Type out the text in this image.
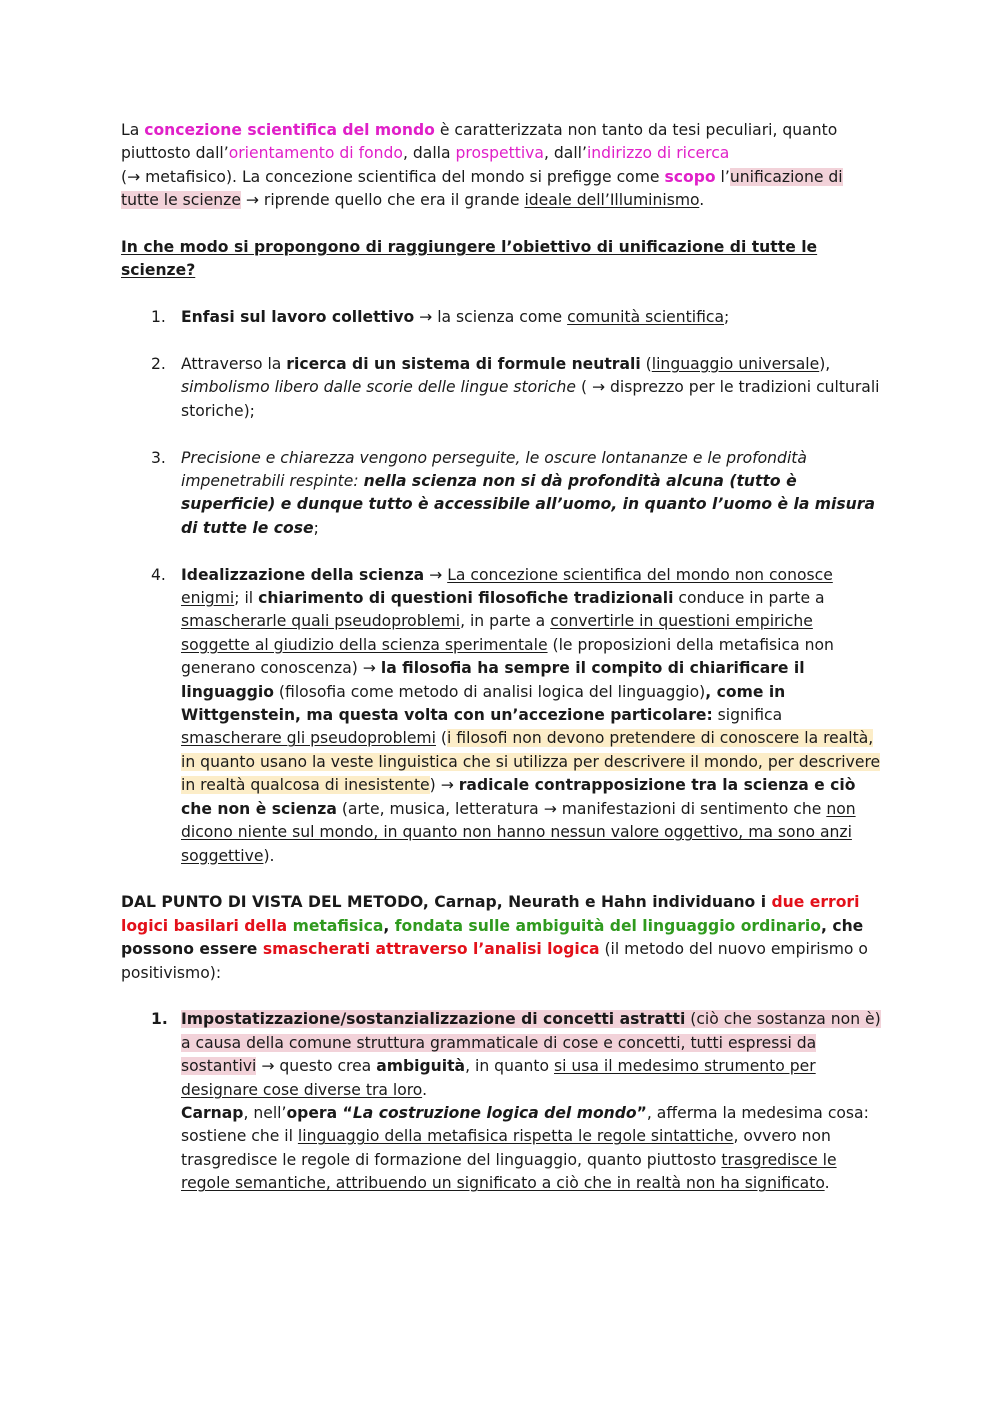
La concezione scientifica del mondo è caratterizzata non tanto da tesi peculiari, quanto piuttosto dall’orientamento di fondo, dalla prospettiva, dall’indirizzo di ricerca
(→ metafisico). La concezione scientifica del mondo si prefigge come scopo l’unificazione di tutte le scienze → riprende quello che era il grande ideale dell’Illuminismo.

In che modo si propongono di raggiungere l’obiettivo di unificazione di tutte le scienze?

1. Enfasi sul lavoro collettivo → la scienza come comunità scientifica;
2. Attraverso la ricerca di un sistema di formule neutrali (linguaggio universale),
simbolismo libero dalle scorie delle lingue storiche ( → disprezzo per le tradizioni culturali storiche);
3. Precisione e chiarezza vengono perseguite, le oscure lontananze e le profondità impenetrabili respinte: nella scienza non si dà profondità alcuna (tutto è superficie) e dunque tutto è accessibile all’uomo, in quanto l’uomo è la misura di tutte le cose;
4. Idealizzazione della scienza → La concezione scientifica del mondo non conosce enigmi; il chiarimento di questioni filosofiche tradizionali conduce in parte a smascherarle quali pseudoproblemi, in parte a convertirle in questioni empiriche soggette al giudizio della scienza sperimentale (le proposizioni della metafisica non generano conoscenza) → la filosofia ha sempre il compito di chiarificare il linguaggio (filosofia come metodo di analisi logica del linguaggio), come in Wittgenstein, ma questa volta con un’accezione particolare: significa smascherare gli pseudoproblemi (i filosofi non devono pretendere di conoscere la realtà, in quanto usano la veste linguistica che si utilizza per descrivere il mondo, per descrivere in realtà qualcosa di inesistente) → radicale contrapposizione tra la scienza e ciò che non è scienza (arte, musica, letteratura → manifestazioni di sentimento che non dicono niente sul mondo, in quanto non hanno nessun valore oggettivo, ma sono anzi soggettive).

DAL PUNTO DI VISTA DEL METODO, Carnap, Neurath e Hahn individuano i due errori logici basilari della metafisica, fondata sulle ambiguità del linguaggio ordinario, che possono essere smascherati attraverso l’analisi logica (il metodo del nuovo empirismo o positivismo):

1. Impostatizzazione/sostanzializzazione di concetti astratti (ciò che sostanza non è) a causa della comune struttura grammaticale di cose e concetti, tutti espressi da sostantivi → questo crea ambiguità, in quanto si usa il medesimo strumento per designare cose diverse tra loro.
Carnap, nell’opera “La costruzione logica del mondo”, afferma la medesima cosa: sostiene che il linguaggio della metafisica rispetta le regole sintattiche, ovvero non trasgredisce le regole di formazione del linguaggio, quanto piuttosto trasgredisce le regole semantiche, attribuendo un significato a ciò che in realtà non ha significato.
